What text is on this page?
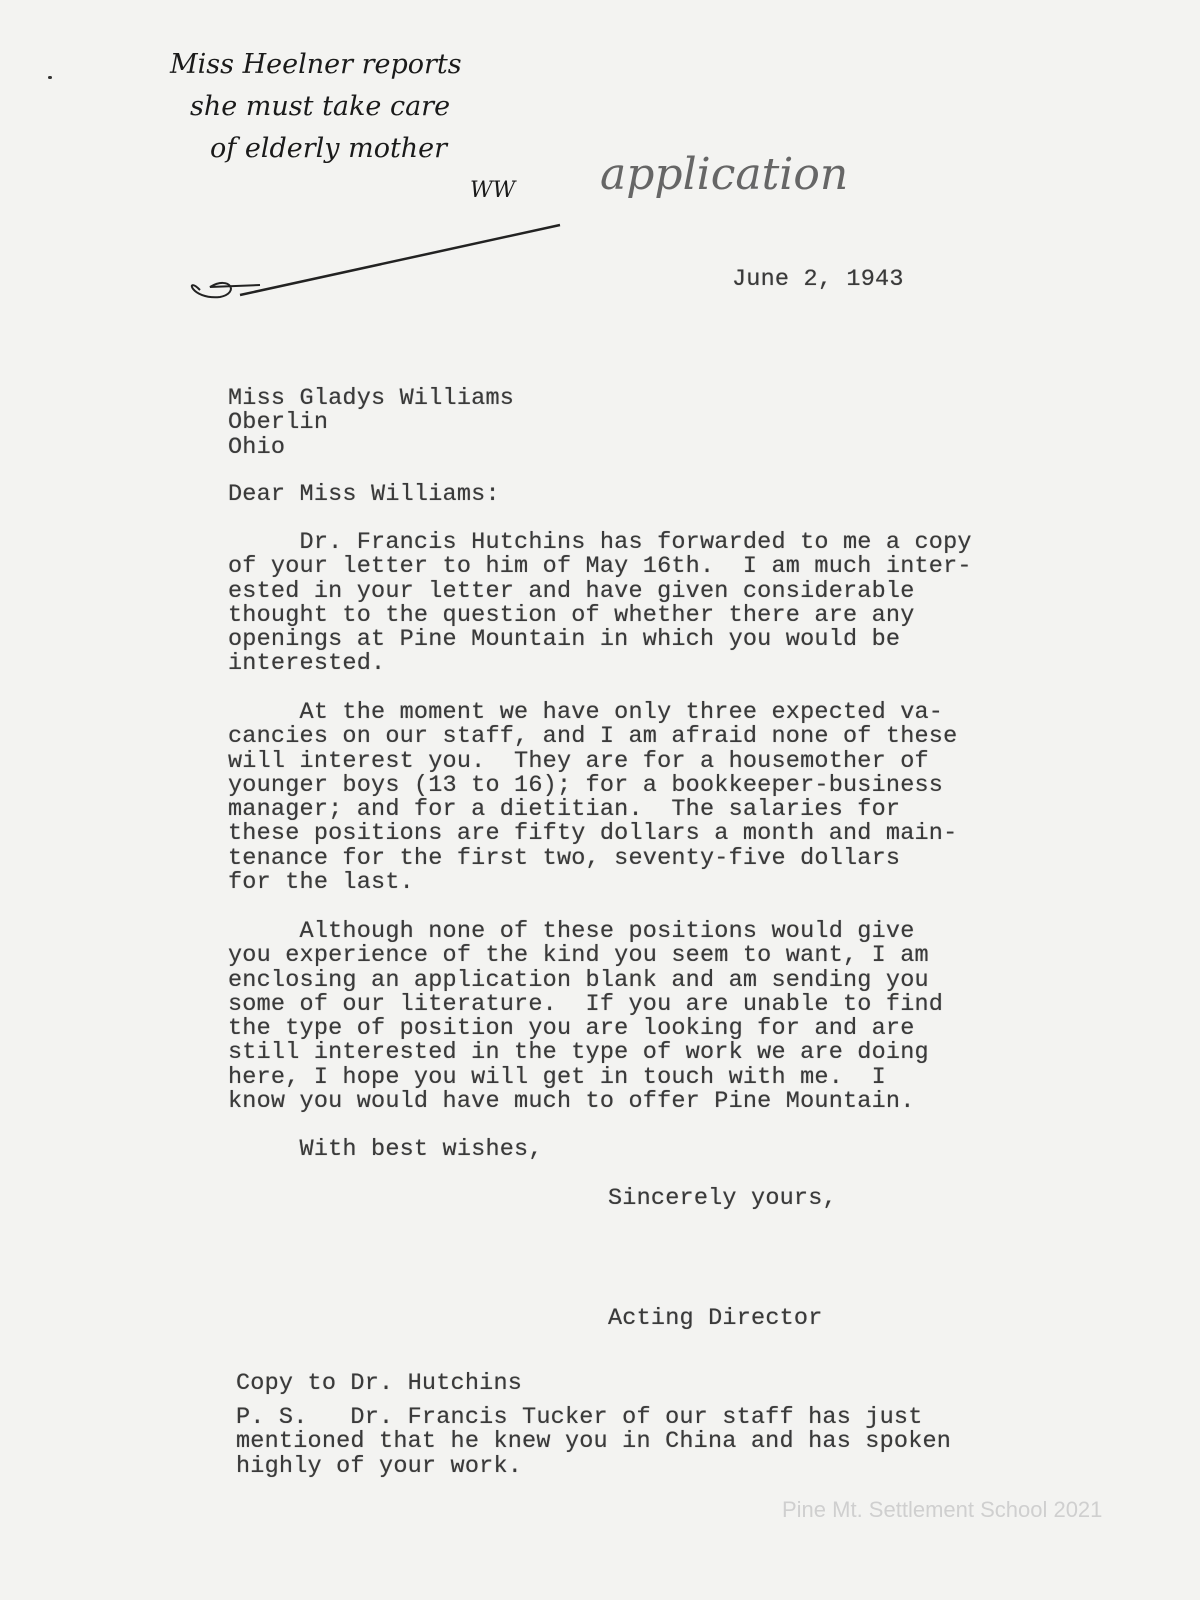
Miss Heelner reports
she must take care
of elderly mother
WW application
June 2, 1943
Miss Gladys Williams
Oberlin
Ohio
Dear Miss Williams:
Dr. Francis Hutchins has forwarded to me a copy
of your letter to him of May 16th.  I am much inter-
ested in your letter and have given considerable
thought to the question of whether there are any
openings at Pine Mountain in which you would be
interested.
At the moment we have only three expected va-
cancies on our staff, and I am afraid none of these
will interest you.  They are for a housemother of
younger boys (13 to 16); for a bookkeeper-business
manager; and for a dietitian.  The salaries for
these positions are fifty dollars a month and main-
tenance for the first two, seventy-five dollars
for the last.
Although none of these positions would give
you experience of the kind you seem to want, I am
enclosing an application blank and am sending you
some of our literature.  If you are unable to find
the type of position you are looking for and are
still interested in the type of work we are doing
here, I hope you will get in touch with me.  I
know you would have much to offer Pine Mountain.
With best wishes,
Sincerely yours,
Acting Director
Copy to Dr. Hutchins
P. S.   Dr. Francis Tucker of our staff has just
mentioned that he knew you in China and has spoken
highly of your work.
Pine Mt. Settlement School 2021
